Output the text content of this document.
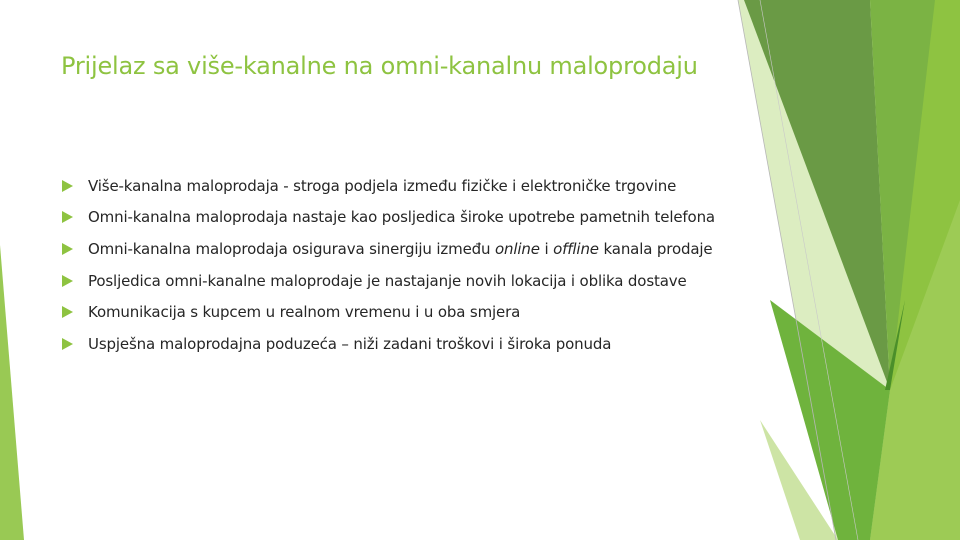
Prijelaz sa više-kanalne na omni-kanalnu maloprodaju
Više-kanalna maloprodaja - stroga podjela između fizičke i elektroničke trgovine
Omni-kanalna maloprodaja nastaje kao posljedica široke upotrebe pametnih telefona
Omni-kanalna maloprodaja osigurava sinergiju između online i offline kanala prodaje
Posljedica omni-kanalne maloprodaje je nastajanje novih lokacija i oblika dostave
Komunikacija s kupcem u realnom vremenu i u oba smjera
Uspješna maloprodajna poduzeća – niži zadani troškovi i široka ponuda
